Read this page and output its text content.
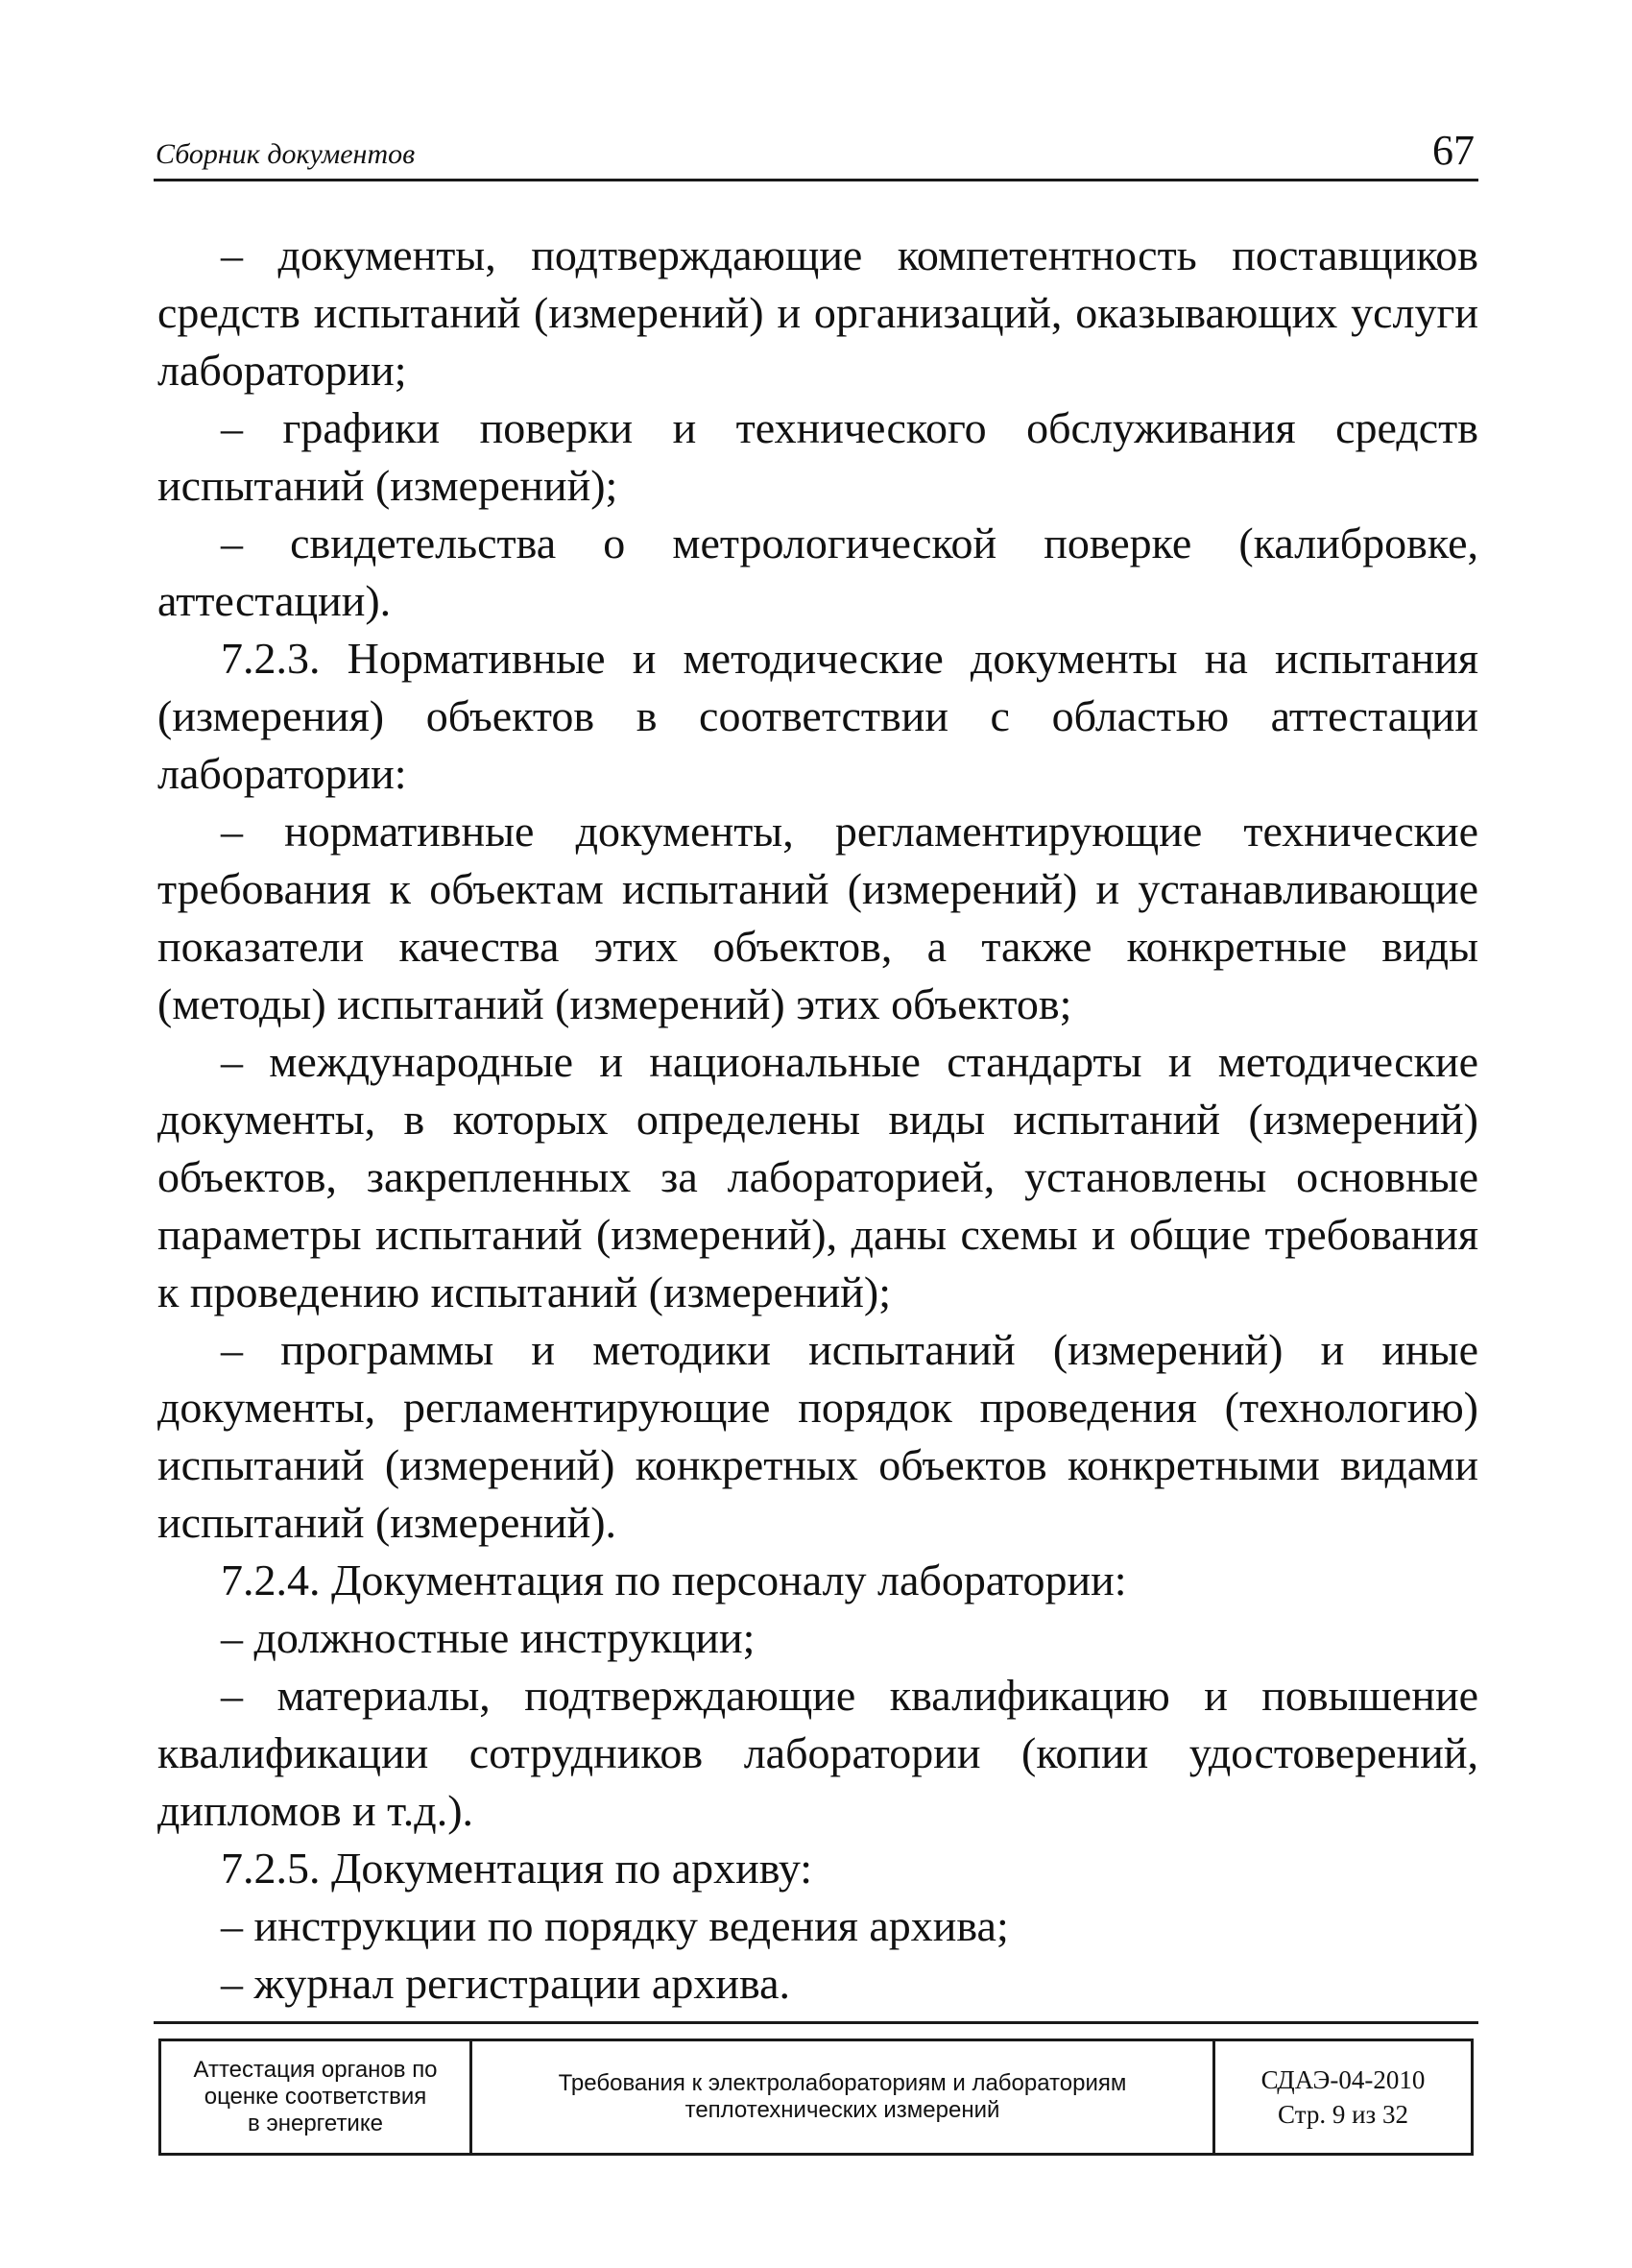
Сборник документов	67

– документы, подтверждающие компетентность поставщиков средств испытаний (измерений) и организаций, оказывающих услуги лаборатории;

– графики поверки и технического обслуживания средств испытаний (измерений);

– свидетельства о метрологической поверке (калибровке, аттестации).

7.2.3. Нормативные и методические документы на испытания (измерения) объектов в соответствии с областью аттестации лаборатории:

– нормативные документы, регламентирующие технические требования к объектам испытаний (измерений) и устанавливающие показатели качества этих объектов, а также конкретные виды (методы) испытаний (измерений) этих объектов;

– международные и национальные стандарты и методические документы, в которых определены виды испытаний (измерений) объектов, закрепленных за лабораторией, установлены основные параметры испытаний (измерений), даны схемы и общие требования к проведению испытаний (измерений);

– программы и методики испытаний (измерений) и иные документы, регламентирующие порядок проведения (технологию) испытаний (измерений) конкретных объектов конкретными видами испытаний (измерений).

7.2.4. Документация по персоналу лаборатории:

– должностные инструкции;

– материалы, подтверждающие квалификацию и повышение квалификации сотрудников лаборатории (копии удостоверений, дипломов и т.д.).

7.2.5. Документация по архиву:

– инструкции по порядку ведения архива;

– журнал регистрации архива.

Аттестация органов по
оценке соответствия
в энергетике
Требования к электролабораториям и лабораториям
теплотехнических измерений
СДАЭ-04-2010
Стр. 9 из 32
